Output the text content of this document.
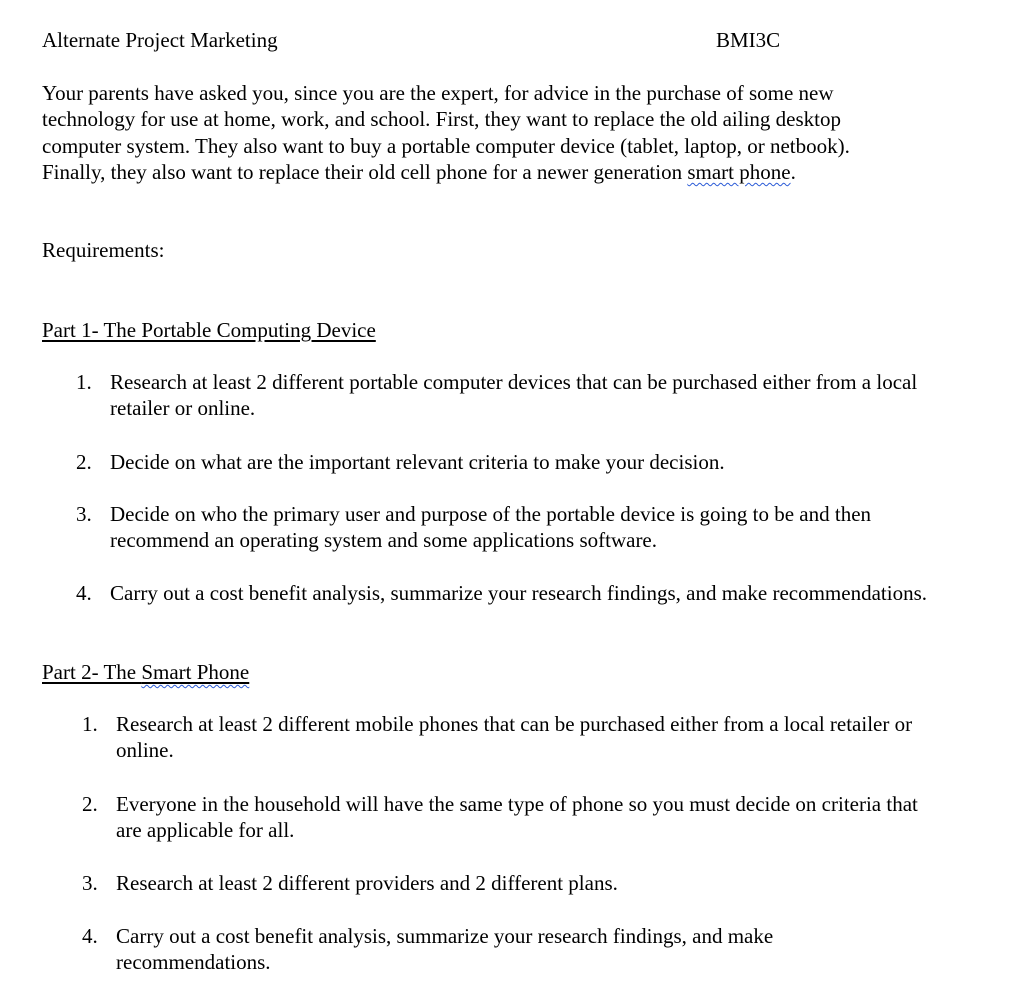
Alternate Project Marketing	BMI3C
Your parents have asked you, since you are the expert, for advice in the purchase of some new
technology for use at home, work, and school. First, they want to replace the old ailing desktop
computer system. They also want to buy a portable computer device (tablet, laptop, or netbook).
Finally, they also want to replace their old cell phone for a newer generation smart phone.
Requirements:
Part 1- The Portable Computing Device
1. Research at least 2 different portable computer devices that can be purchased either from a local
retailer or online.
2. Decide on what are the important relevant criteria to make your decision.
3. Decide on who the primary user and purpose of the portable device is going to be and then
recommend an operating system and some applications software.
4. Carry out a cost benefit analysis, summarize your research findings, and make recommendations.
Part 2- The Smart Phone
1. Research at least 2 different mobile phones that can be purchased either from a local retailer or
online.
2. Everyone in the household will have the same type of phone so you must decide on criteria that
are applicable for all.
3. Research at least 2 different providers and 2 different plans.
4. Carry out a cost benefit analysis, summarize your research findings, and make
recommendations.
